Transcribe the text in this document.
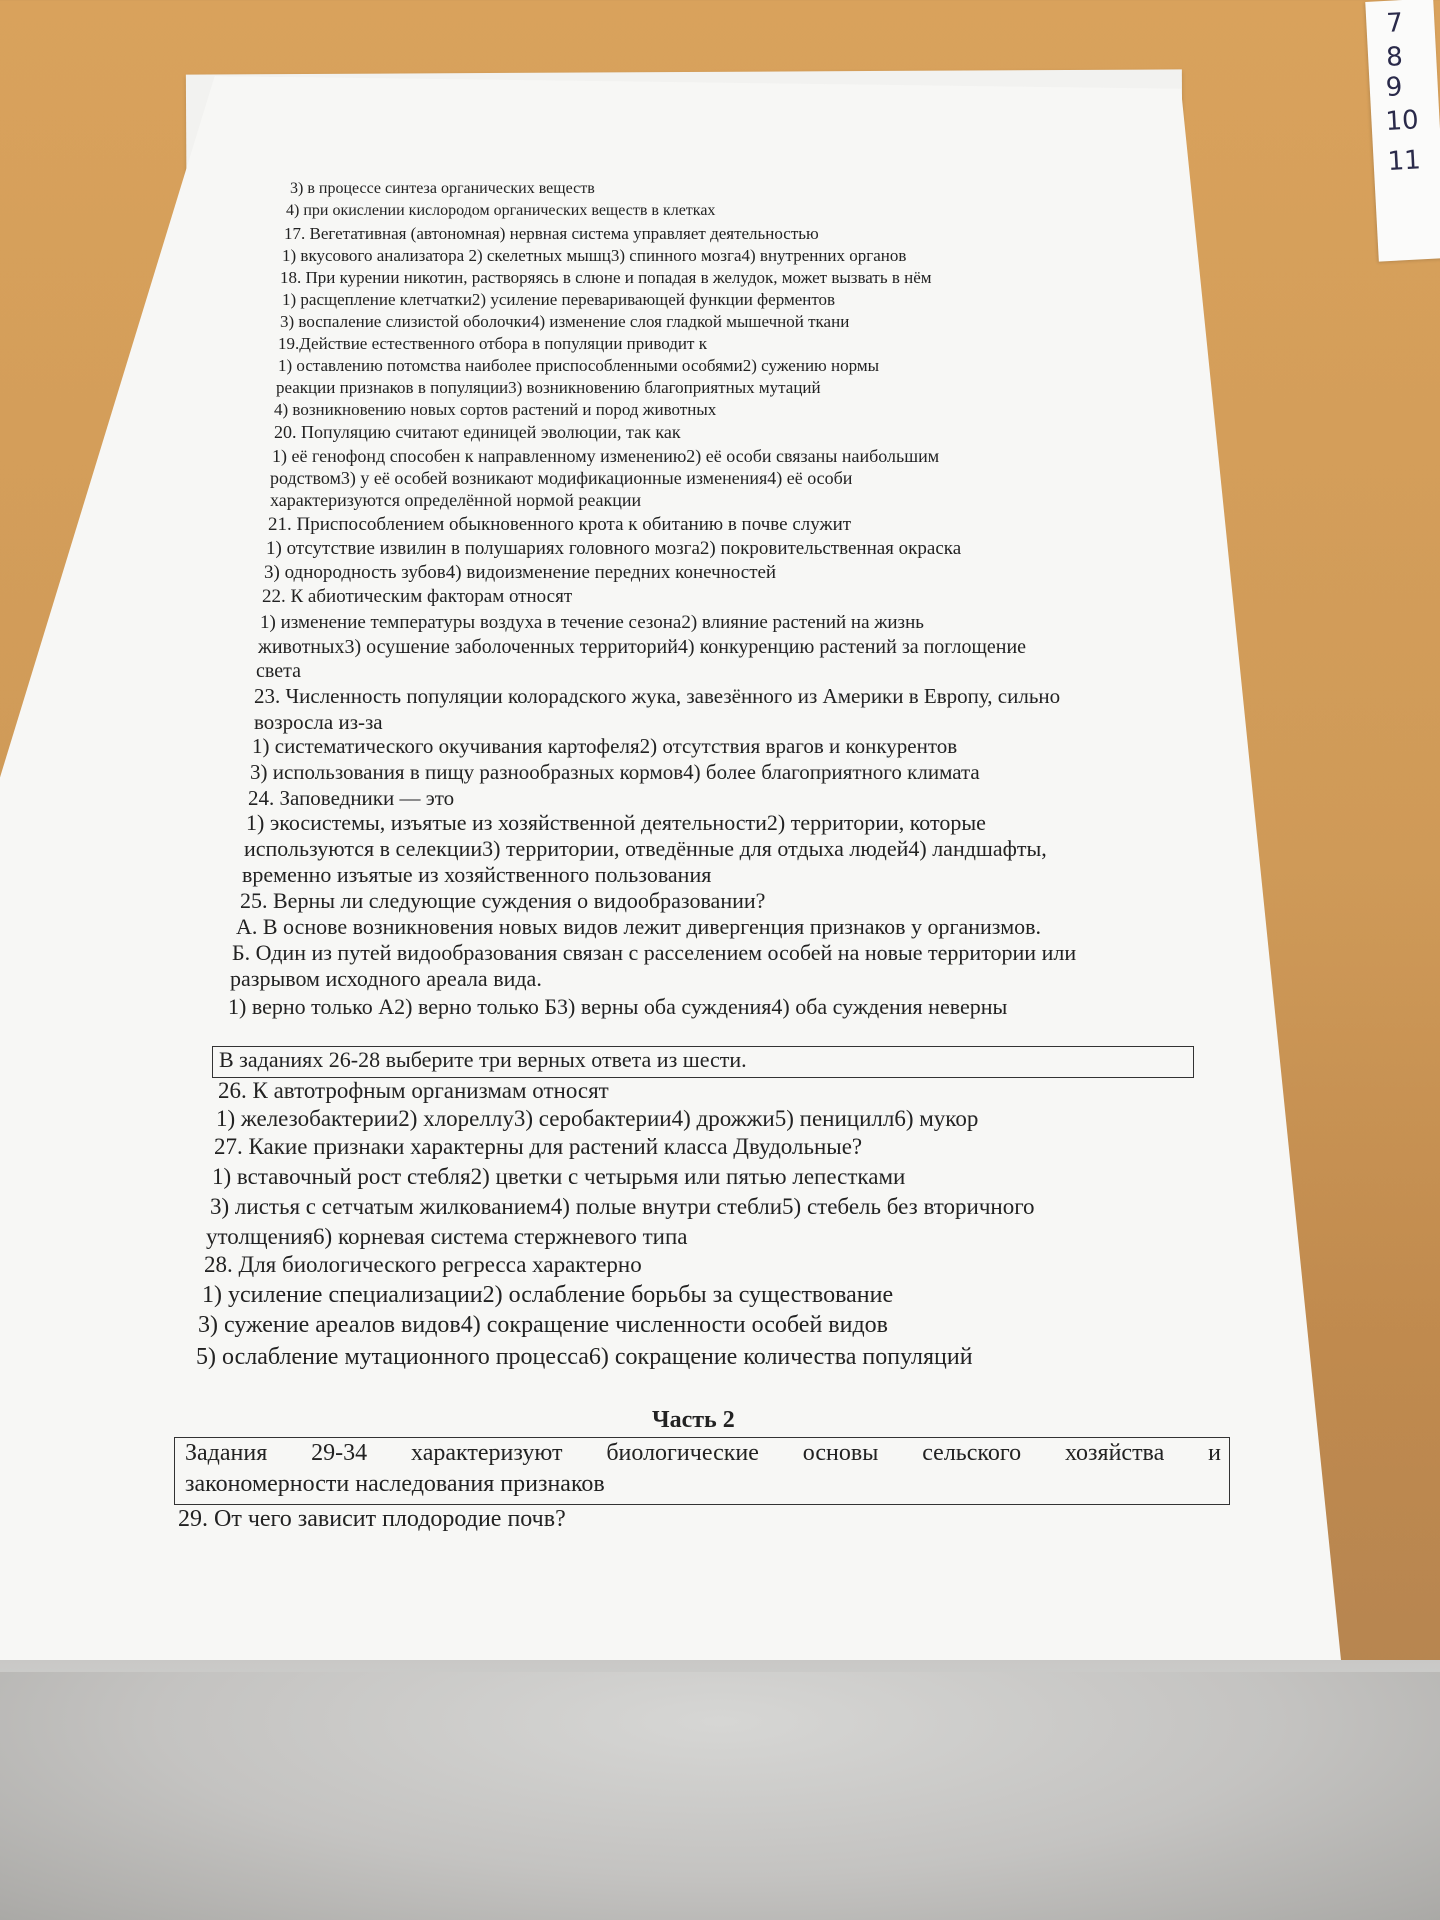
7
8
9
10
11
3) в процессе синтеза органических веществ
4) при окислении кислородом органических веществ в клетках
17. Вегетативная (автономная) нервная система управляет деятельностью
1) вкусового анализатора 2) скелетных мышц3) спинного мозга4) внутренних органов
18. При курении никотин, растворяясь в слюне и попадая в желудок, может вызвать в нём
1) расщепление клетчатки2) усиление переваривающей функции ферментов
3) воспаление слизистой оболочки4) изменение слоя гладкой мышечной ткани
19.Действие естественного отбора в популяции приводит к
1) оставлению потомства наиболее приспособленными особями2) сужению нормы
реакции признаков в популяции3) возникновению благоприятных мутаций
4) возникновению новых сортов растений и пород животных
20. Популяцию считают единицей эволюции, так как
1) её генофонд способен к направленному изменению2) её особи связаны наибольшим
родством3) у её особей возникают модификационные изменения4) её особи
характеризуются определённой нормой реакции
21. Приспособлением обыкновенного крота к обитанию в почве служит
1) отсутствие извилин в полушариях головного мозга2) покровительственная окраска
3) однородность зубов4) видоизменение передних конечностей
22. К абиотическим факторам относят
1) изменение температуры воздуха в течение сезона2) влияние растений на жизнь
животных3) осушение заболоченных территорий4) конкуренцию растений за поглощение
света
23. Численность популяции колорадского жука, завезённого из Америки в Европу, сильно
возросла из-за
1) систематического окучивания картофеля2) отсутствия врагов и конкурентов
3) использования в пищу разнообразных кормов4) более благоприятного климата
24. Заповедники — это
1) экосистемы, изъятые из хозяйственной деятельности2) территории, которые
используются в селекции3) территории, отведённые для отдыха людей4) ландшафты,
временно изъятые из хозяйственного пользования
25. Верны ли следующие суждения о видообразовании?
А. В основе возникновения новых видов лежит дивергенция признаков у организмов.
Б. Один из путей видообразования связан с расселением особей на новые территории или
разрывом исходного ареала вида.
1) верно только А2) верно только Б3) верны оба суждения4) оба суждения неверны
В заданиях 26-28 выберите три верных ответа из шести.
26. К автотрофным организмам относят
1) железобактерии2) хлореллу3) серобактерии4) дрожжи5) пеницилл6) мукор
27. Какие признаки характерны для растений класса Двудольные?
1) вставочный рост стебля2) цветки с четырьмя или пятью лепестками
3) листья с сетчатым жилкованием4) полые внутри стебли5) стебель без вторичного
утолщения6) корневая система стержневого типа
28. Для биологического регресса характерно
1) усиление специализации2) ослабление борьбы за существование
3) сужение ареалов видов4) сокращение численности особей видов
5) ослабление мутационного процесса6) сокращение количества популяций
Часть 2
Задания 29-34 характеризуют биологические основы сельского хозяйства и
закономерности наследования признаков
29. От чего зависит плодородие почв?
